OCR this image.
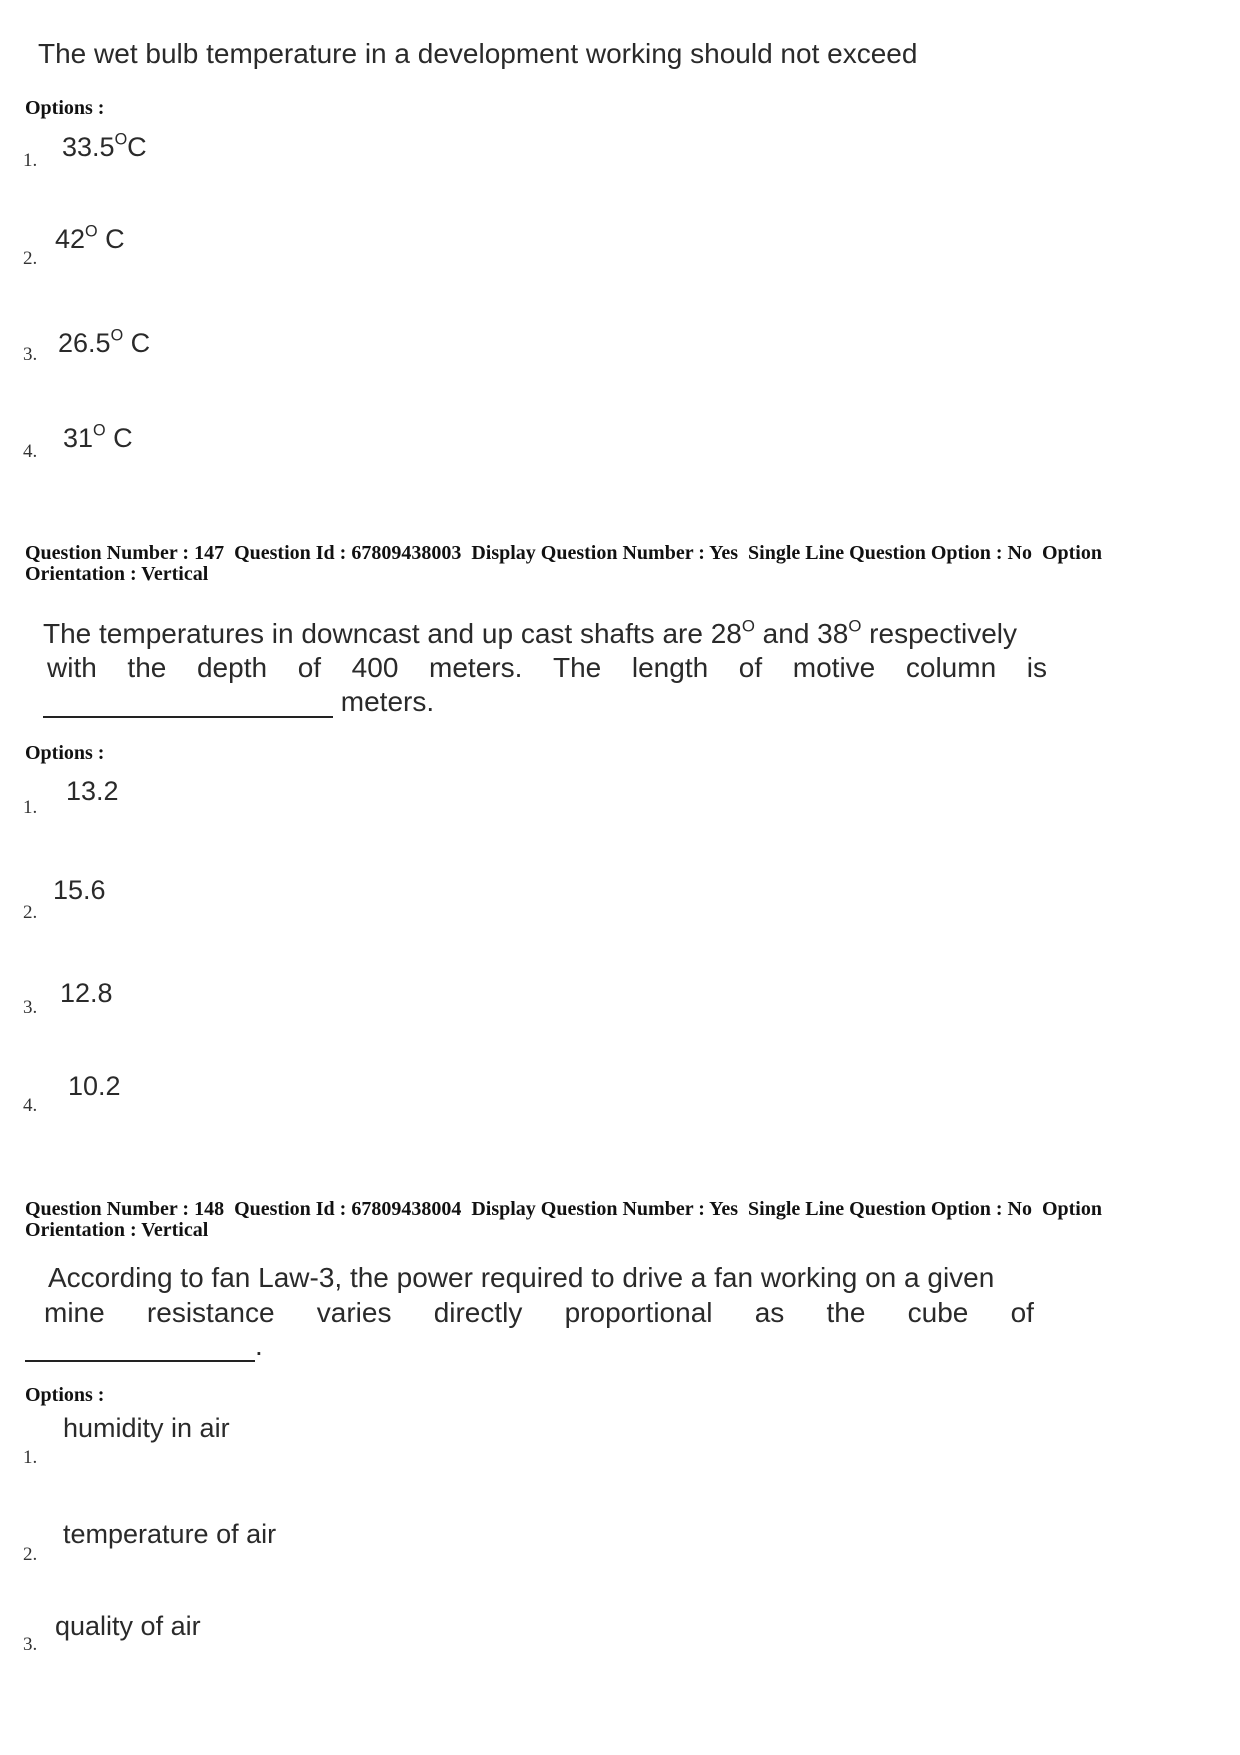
The wet bulb temperature in a development working should not exceed
Options :
1. $33.5^OC$
2.
$42^O$ C
3. $26.5^O$ C
4. $31^O$ C
Question Number : 147  Question Id : 67809438003  Display Question Number : Yes  Single Line Question Option : No  Option
Orientation : Vertical
The temperatures in downcast and up cast shafts are $28^O$ and $38^O$ respectively
with the depth of 400 meters. The length of motive column is
meters.
Options :
1.
13.2
2.
15.6
3. 12.8
4.
10.2
Question Number : 148  Question Id : 67809438004  Display Question Number : Yes  Single Line Question Option : No  Option
Orientation : Vertical
According to fan Law-3, the power required to drive a fan working on a given
mine resistance varies directly proportional as the cube of
.
Options :
1.
humidity in air
2.
temperature of air
3.
quality of air
